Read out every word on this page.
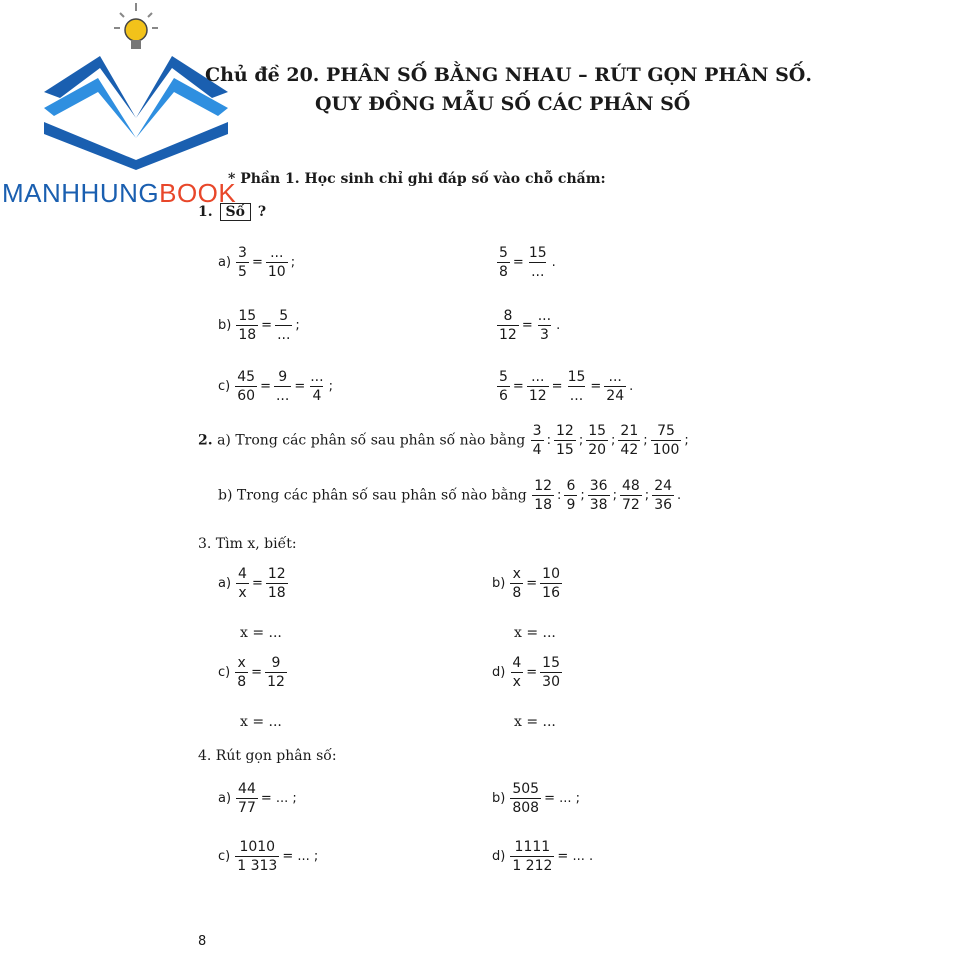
MANHHUNGBOOK
Chủ đề 20. PHÂN SỐ BẰNG NHAU – RÚT GỌN PHÂN SỐ.
QUY ĐỒNG MẪU SỐ CÁC PHÂN SỐ
* Phần 1. Học sinh chỉ ghi đáp số vào chỗ chấm:
1. Số ?
$a) \frac{3}{5} = \frac{...}{10}$ ;	$\frac{5}{8} = \frac{15}{...}$ .
$b) \frac{15}{18} = \frac{5}{...}$ ;	$\frac{8}{12} = \frac{...}{3}$ .
$c) \frac{45}{60} = \frac{9}{...} = \frac{...}{4}$ ;	$\frac{5}{6} = \frac{...}{12} = \frac{15}{...} = \frac{...}{24}$ .
2. a) Trong các phân số sau phân số nào bằng $\frac{3}{4}$ : $\frac{12}{15}$ ; $\frac{15}{20}$ ; $\frac{21}{42}$ ; $\frac{75}{100}$ ;
b) Trong các phân số sau phân số nào bằng $\frac{12}{18}$ : $\frac{6}{9}$ ; $\frac{36}{38}$ ; $\frac{48}{72}$ ; $\frac{24}{36}$ .
3. Tìm x, biết:
$a) \frac{4}{x} = \frac{12}{18}$	$b) \frac{x}{8} = \frac{10}{16}$
x = ...	x = ...
$c) \frac{x}{8} = \frac{9}{12}$	$d) \frac{4}{x} = \frac{15}{30}$
x = ...	x = ...
4. Rút gọn phân số:
$a) \frac{44}{77}$ = ... ;	$b) \frac{505}{808}$ = ... ;
$c) \frac{1010}{1 313}$ = ... ;	$d) \frac{1111}{1 212}$ = ... .
8
